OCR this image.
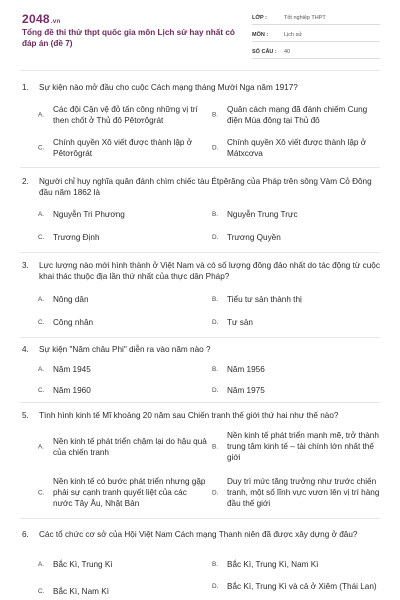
2048.vn
Tổng đề thi thử thpt quốc gia môn Lịch sử hay nhất có đáp án (đề 7)
LỚP :	Tốt nghiệp THPT
MÔN :	Lịch sử
SỐ CÂU :	40
1. Sự kiện nào mở đầu cho cuộc Cách mạng tháng Mười Nga năm 1917?
A.
Các đội Cận vệ đỏ tấn công những vị trí then chốt ở Thủ đô Pêtơrôgrát
B.
Quân cách mạng đã đánh chiếm Cung điện Mùa đông tại Thủ đô
C.
Chính quyền Xô viết được thành lập ở Pêtơrôgrát
D.
Chính quyền Xô viết được thành lập ở Mátxcơva
2. Người chỉ huy nghĩa quân đánh chìm chiếc tàu Étpêrăng của Pháp trên sông Vàm Cỏ Đông đầu năm 1862 là
A. Nguyễn Tri Phương	B. Nguyễn Trung Trực
C. Trương Định	D. Trương Quyền
3. Lực lượng nào mới hình thành ở Việt Nam và có số lượng đông đảo nhất do tác động từ cuộc khai thác thuộc địa lần thứ nhất của thực dân Pháp?
A. Nông dân	B. Tiểu tư sản thành thị
C. Công nhân	D. Tư sản
4. Sự kiện "Năm châu Phi" diễn ra vào năm nào ?
A. Năm 1945	B. Năm 1956
C. Năm 1960	D. Năm 1975
5. Tình hình kinh tế Mĩ khoảng 20 năm sau Chiến tranh thế giới thứ hai như thế nào?
A.
Nền kinh tế phát triển chậm lại do hậu quả của chiến tranh
B.
Nền kinh tế phát triển mạnh mẽ, trở thành trung tâm kinh tế – tài chính lớn nhất thế giới
C.
Nền kinh tế có bước phát triển nhưng gặp phải sự cạnh tranh quyết liệt của các nước Tây Âu, Nhật Bản
D.
Duy trì mức tăng trưởng như trước chiến tranh, một số lĩnh vực vươn lên vị trí hàng đầu thế giới
6. Các tổ chức cơ sở của Hội Việt Nam Cách mạng Thanh niên đã được xây dựng ở đâu?
A. Bắc Kì, Trung Kì	B. Bắc Kì, Trung Kì, Nam Kì
C. Bắc Kì, Nam Kì
D. Bắc Kì, Trung Kì và cả ở Xiêm (Thái Lan)
